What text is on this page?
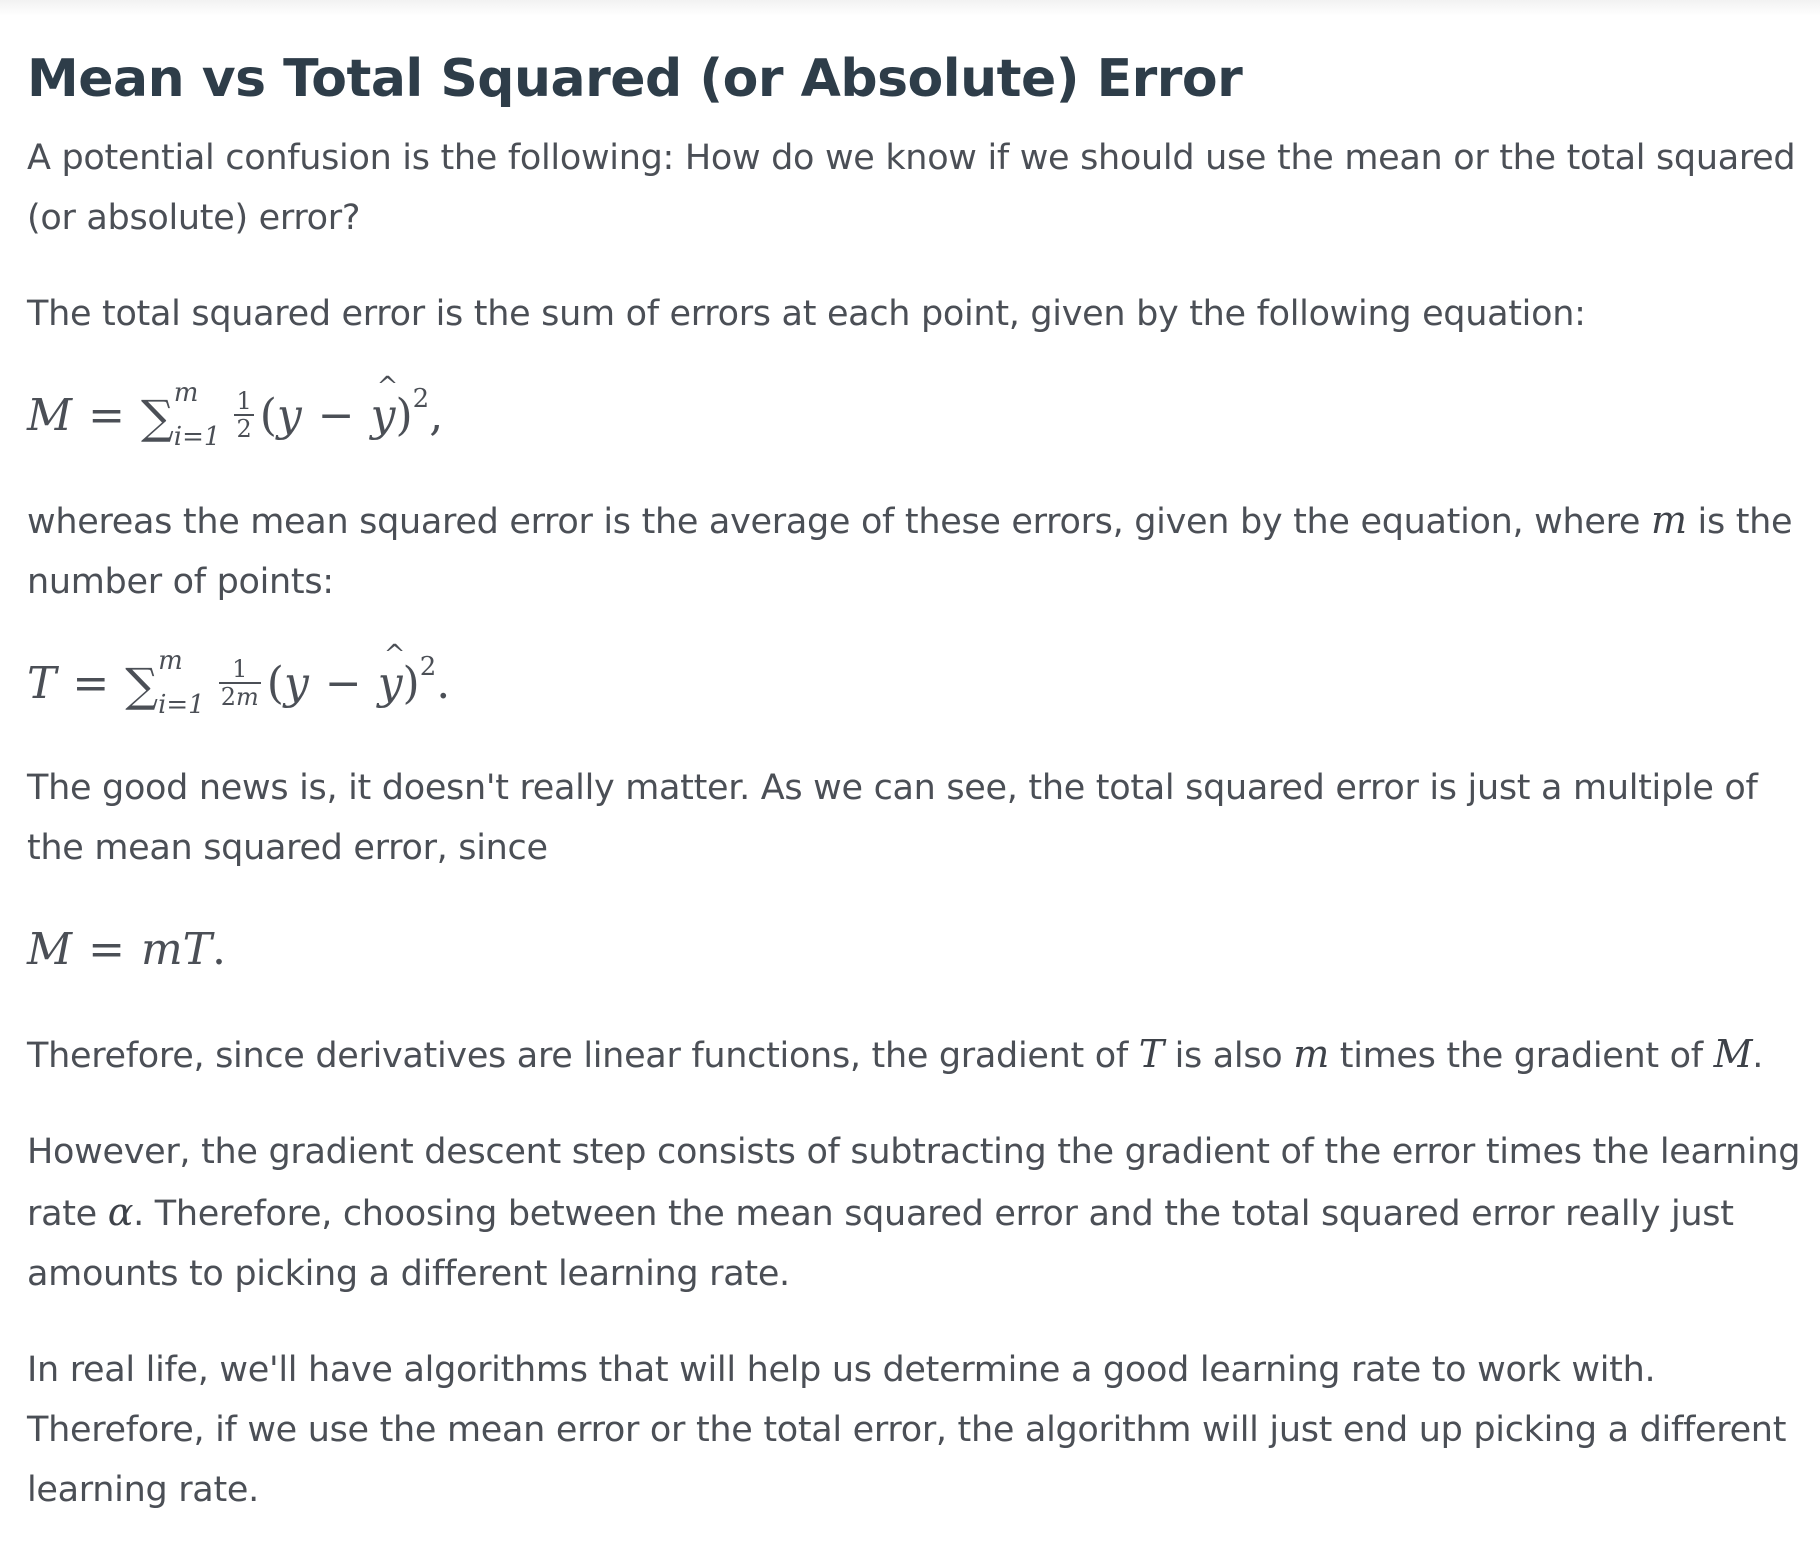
Mean vs Total Squared (or Absolute) Error

A potential confusion is the following: How do we know if we should use the mean or the total squared (or absolute) error?

The total squared error is the sum of errors at each point, given by the following equation:

M = ∑ m
$i=1 \frac{1}{2}$ ( y − ^ y ) 2 ,

whereas the mean squared error is the average of these errors, given by the equation, where m is the number of points:

T = ∑ m
$i=1 \frac{1}{2m}$ ( y − ^ y ) 2 .

The good news is, it doesn't really matter. As we can see, the total squared error is just a multiple of the mean squared error, since

M = mT .

Therefore, since derivatives are linear functions, the gradient of T is also m times the gradient of M.

However, the gradient descent step consists of subtracting the gradient of the error times the learning rate α. Therefore, choosing between the mean squared error and the total squared error really just amounts to picking a different learning rate.

In real life, we'll have algorithms that will help us determine a good learning rate to work with. Therefore, if we use the mean error or the total error, the algorithm will just end up picking a different learning rate.
